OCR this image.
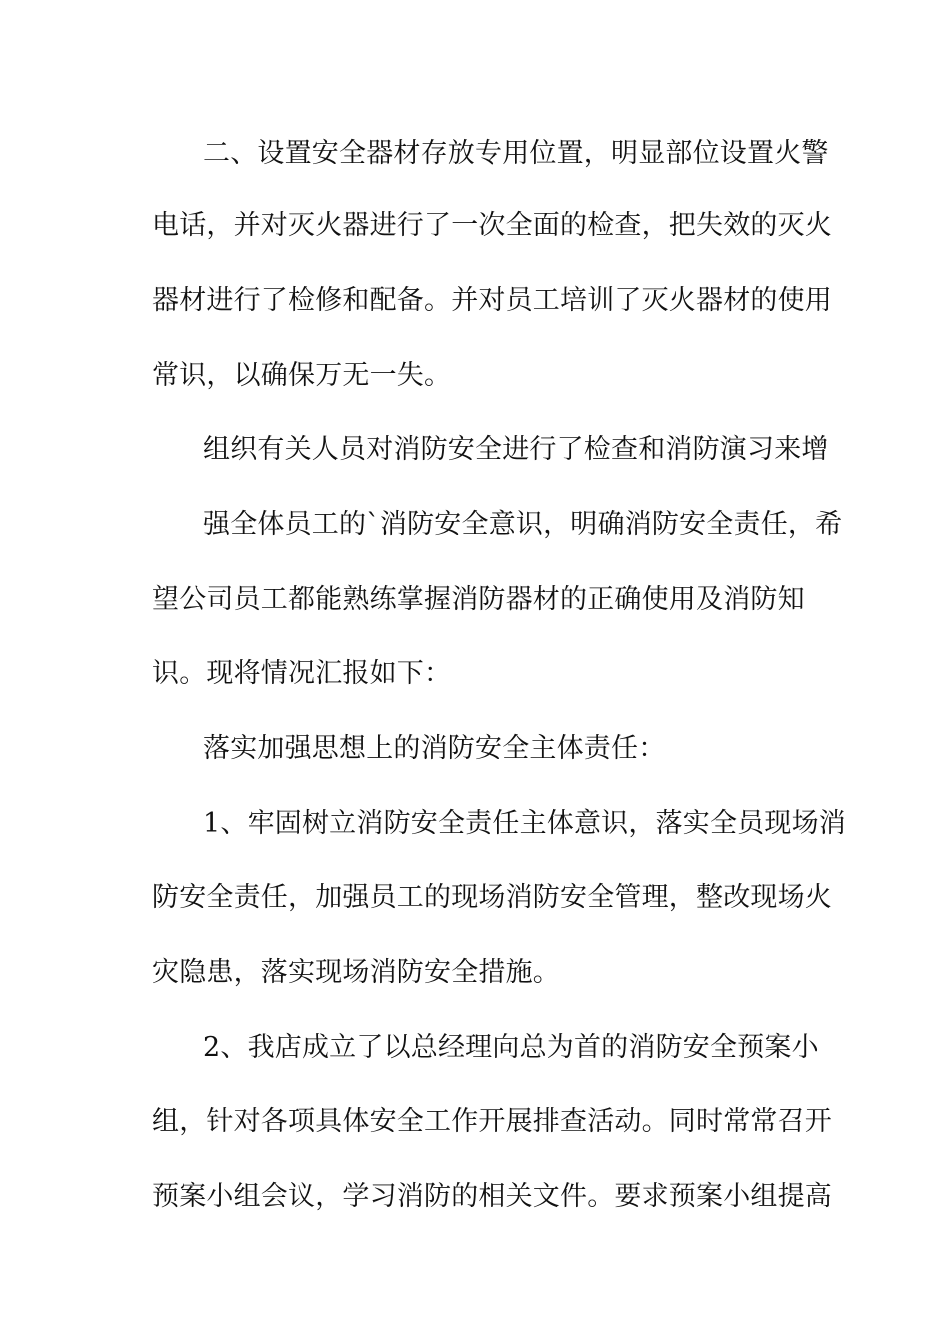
二、设置安全器材存放专用位置，明显部位设置火警
电话，并对灭火器进行了一次全面的检查，把失效的灭火
器材进行了检修和配备。并对员工培训了灭火器材的使用
常识，以确保万无一失。
组织有关人员对消防安全进行了检查和消防演习来增
强全体员工的`消防安全意识，明确消防安全责任，希
望公司员工都能熟练掌握消防器材的正确使用及消防知
识。现将情况汇报如下：
落实加强思想上的消防安全主体责任：
1、牢固树立消防安全责任主体意识，落实全员现场消
防安全责任，加强员工的现场消防安全管理，整改现场火
灾隐患，落实现场消防安全措施。
2、我店成立了以总经理向总为首的消防安全预案小
组，针对各项具体安全工作开展排查活动。同时常常召开
预案小组会议，学习消防的相关文件。要求预案小组提高
